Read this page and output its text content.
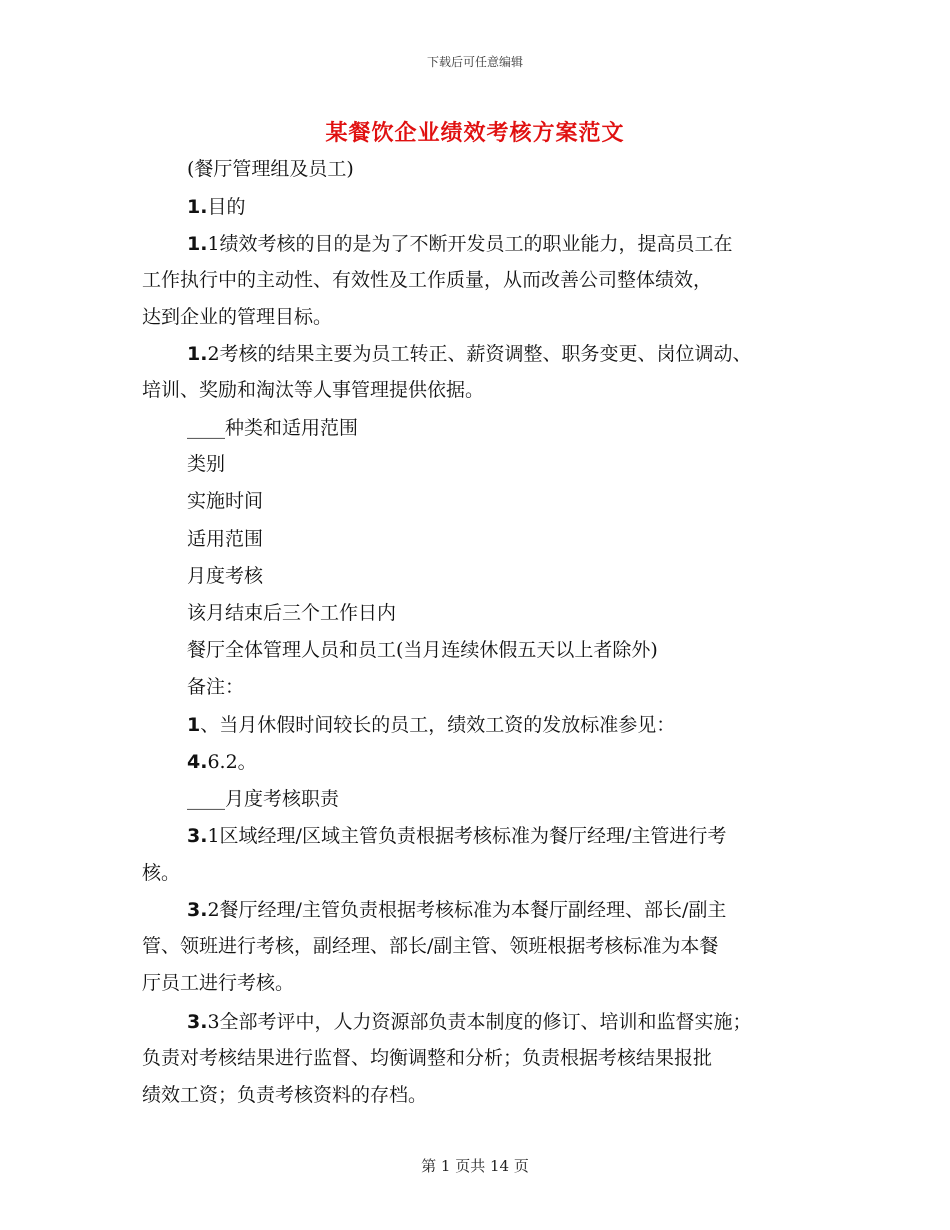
下载后可任意编辑
某餐饮企业绩效考核方案范文
(餐厅管理组及员工)
1.目的
1.1绩效考核的目的是为了不断开发员工的职业能力，提高员工在
工作执行中的主动性、有效性及工作质量，从而改善公司整体绩效，
达到企业的管理目标。
1.2考核的结果主要为员工转正、薪资调整、职务变更、岗位调动、
培训、奖励和淘汰等人事管理提供依据。
____种类和适用范围
类别
实施时间
适用范围
月度考核
该月结束后三个工作日内
餐厅全体管理人员和员工(当月连续休假五天以上者除外)
备注：
1、当月休假时间较长的员工，绩效工资的发放标准参见：
4.6.2。
____月度考核职责
3.1区域经理/区域主管负责根据考核标准为餐厅经理/主管进行考
核。
3.2餐厅经理/主管负责根据考核标准为本餐厅副经理、部长/副主
管、领班进行考核，副经理、部长/副主管、领班根据考核标准为本餐
厅员工进行考核。
3.3全部考评中，人力资源部负责本制度的修订、培训和监督实施；
负责对考核结果进行监督、均衡调整和分析；负责根据考核结果报批
绩效工资；负责考核资料的存档。
第 1 页共 14 页
